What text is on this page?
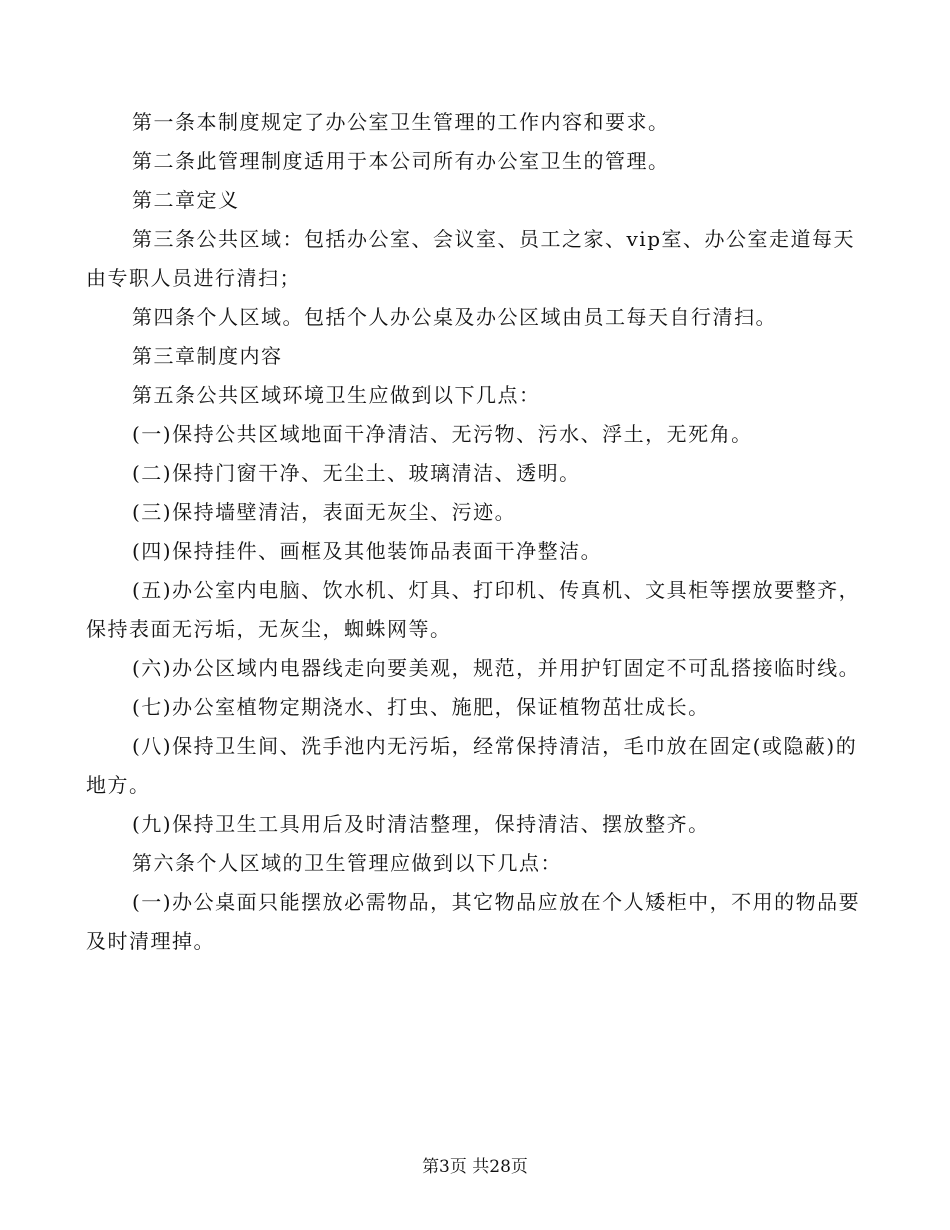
第一条本制度规定了办公室卫生管理的工作内容和要求。

第二条此管理制度适用于本公司所有办公室卫生的管理。

第二章定义

第三条公共区域：包括办公室、会议室、员工之家、vip室、办公室走道每天由专职人员进行清扫；

第四条个人区域。包括个人办公桌及办公区域由员工每天自行清扫。

第三章制度内容

第五条公共区域环境卫生应做到以下几点：

(一)保持公共区域地面干净清洁、无污物、污水、浮土，无死角。

(二)保持门窗干净、无尘土、玻璃清洁、透明。

(三)保持墙壁清洁，表面无灰尘、污迹。

(四)保持挂件、画框及其他装饰品表面干净整洁。

(五)办公室内电脑、饮水机、灯具、打印机、传真机、文具柜等摆放要整齐，保持表面无污垢，无灰尘，蜘蛛网等。

(六)办公区域内电器线走向要美观，规范，并用护钉固定不可乱搭接临时线。

(七)办公室植物定期浇水、打虫、施肥，保证植物茁壮成长。

(八)保持卫生间、洗手池内无污垢，经常保持清洁，毛巾放在固定(或隐蔽)的地方。

(九)保持卫生工具用后及时清洁整理，保持清洁、摆放整齐。

第六条个人区域的卫生管理应做到以下几点：

(一)办公桌面只能摆放必需物品，其它物品应放在个人矮柜中，不用的物品要及时清理掉。

第3页 共28页
